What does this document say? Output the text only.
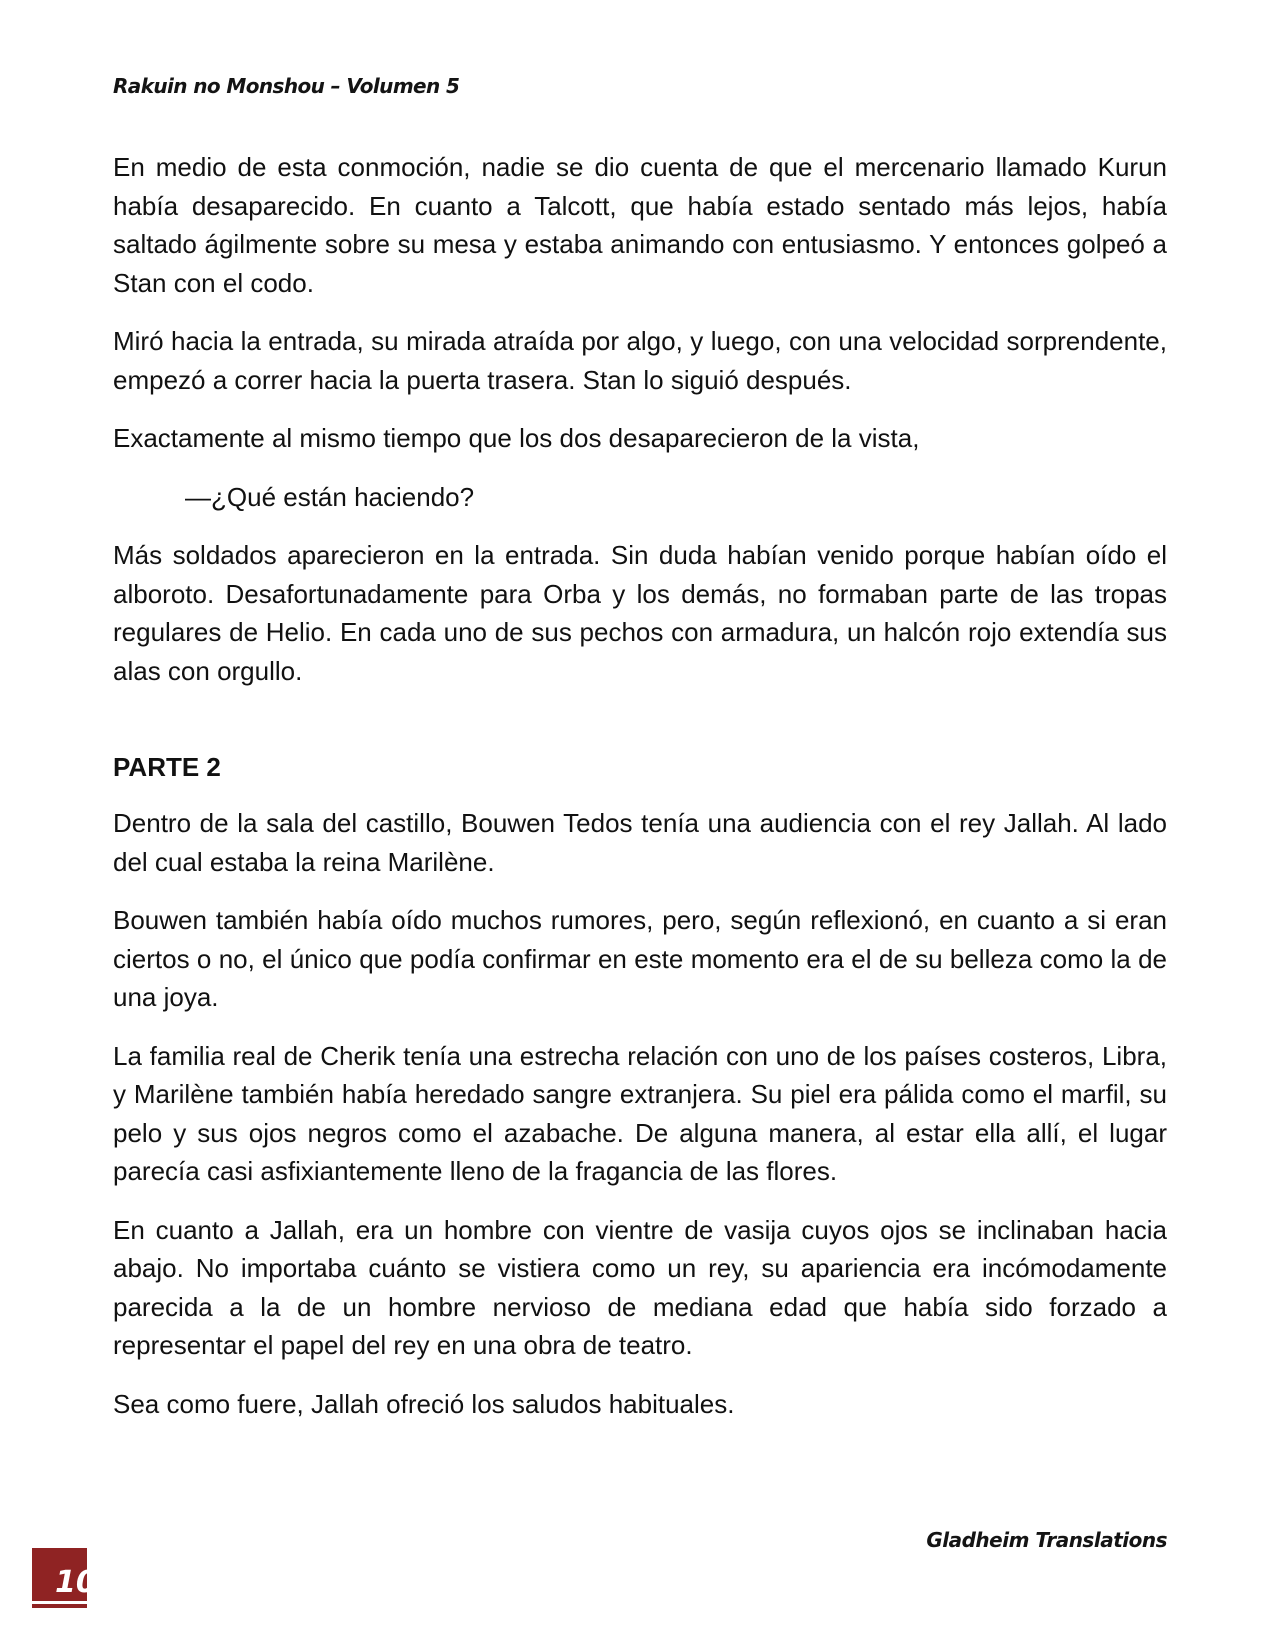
Rakuin no Monshou – Volumen 5

En medio de esta conmoción, nadie se dio cuenta de que el mercenario llamado Kurun había desaparecido. En cuanto a Talcott, que había estado sentado más lejos, había saltado ágilmente sobre su mesa y estaba animando con entusiasmo. Y entonces golpeó a Stan con el codo.

Miró hacia la entrada, su mirada atraída por algo, y luego, con una velocidad sorprendente, empezó a correr hacia la puerta trasera. Stan lo siguió después.

Exactamente al mismo tiempo que los dos desaparecieron de la vista,

—¿Qué están haciendo?

Más soldados aparecieron en la entrada. Sin duda habían venido porque habían oído el alboroto. Desafortunadamente para Orba y los demás, no formaban parte de las tropas regulares de Helio. En cada uno de sus pechos con armadura, un halcón rojo extendía sus alas con orgullo.

PARTE 2

Dentro de la sala del castillo, Bouwen Tedos tenía una audiencia con el rey Jallah. Al lado del cual estaba la reina Marilène.

Bouwen también había oído muchos rumores, pero, según reflexionó, en cuanto a si eran ciertos o no, el único que podía confirmar en este momento era el de su belleza como la de una joya.

La familia real de Cherik tenía una estrecha relación con uno de los países costeros, Libra, y Marilène también había heredado sangre extranjera. Su piel era pálida como el marfil, su pelo y sus ojos negros como el azabache. De alguna manera, al estar ella allí, el lugar parecía casi asfixiantemente lleno de la fragancia de las flores.

En cuanto a Jallah, era un hombre con vientre de vasija cuyos ojos se inclinaban hacia abajo. No importaba cuánto se vistiera como un rey, su apariencia era incómodamente parecida a la de un hombre nervioso de mediana edad que había sido forzado a representar el papel del rey en una obra de teatro.

Sea como fuere, Jallah ofreció los saludos habituales.

Gladheim Translations
10
